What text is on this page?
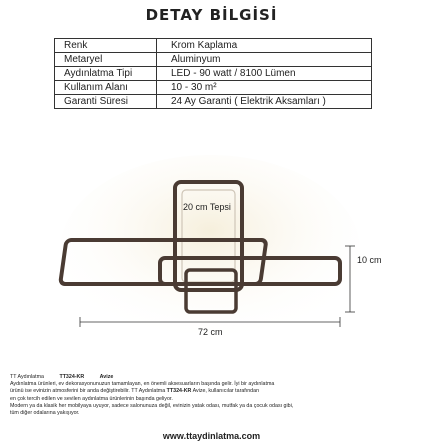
DETAY BİLGİSİ
Renk	Krom Kaplama
Metaryel	Aluminyum
Aydınlatma Tipi	LED - 90 watt / 8100 Lümen
Kullanım Alanı	10 - 30 m²
Garanti Süresi	24 Ay Garanti ( Elektrik Aksamları )
20 cm Tepsi
10 cm
72 cm
TT Aydınlatma	TT324-KR	Avize

Aydınlatma ürünleri, ev dekorasyonunuzun tamamlayan, en önemli aksesuarların başında gelir. İyi bir aydınlatma

ürünü ise evinizin atmosferini bir anda değiştirebilir. TT Aydınlatma TT324-KR Avize, kullanıcılar tarafından

en çok tercih edilen ve sevilen aydınlatma ürünlerinin başında geliyor.

Modern ya da klasik her mobilyaya uyuyor, sadece salonunuza değil, evinizin yatak odası, mutfak ya da çocuk odası gibi,

tüm diğer odalarına yakışıyor.

www.ttaydinlatma.com
